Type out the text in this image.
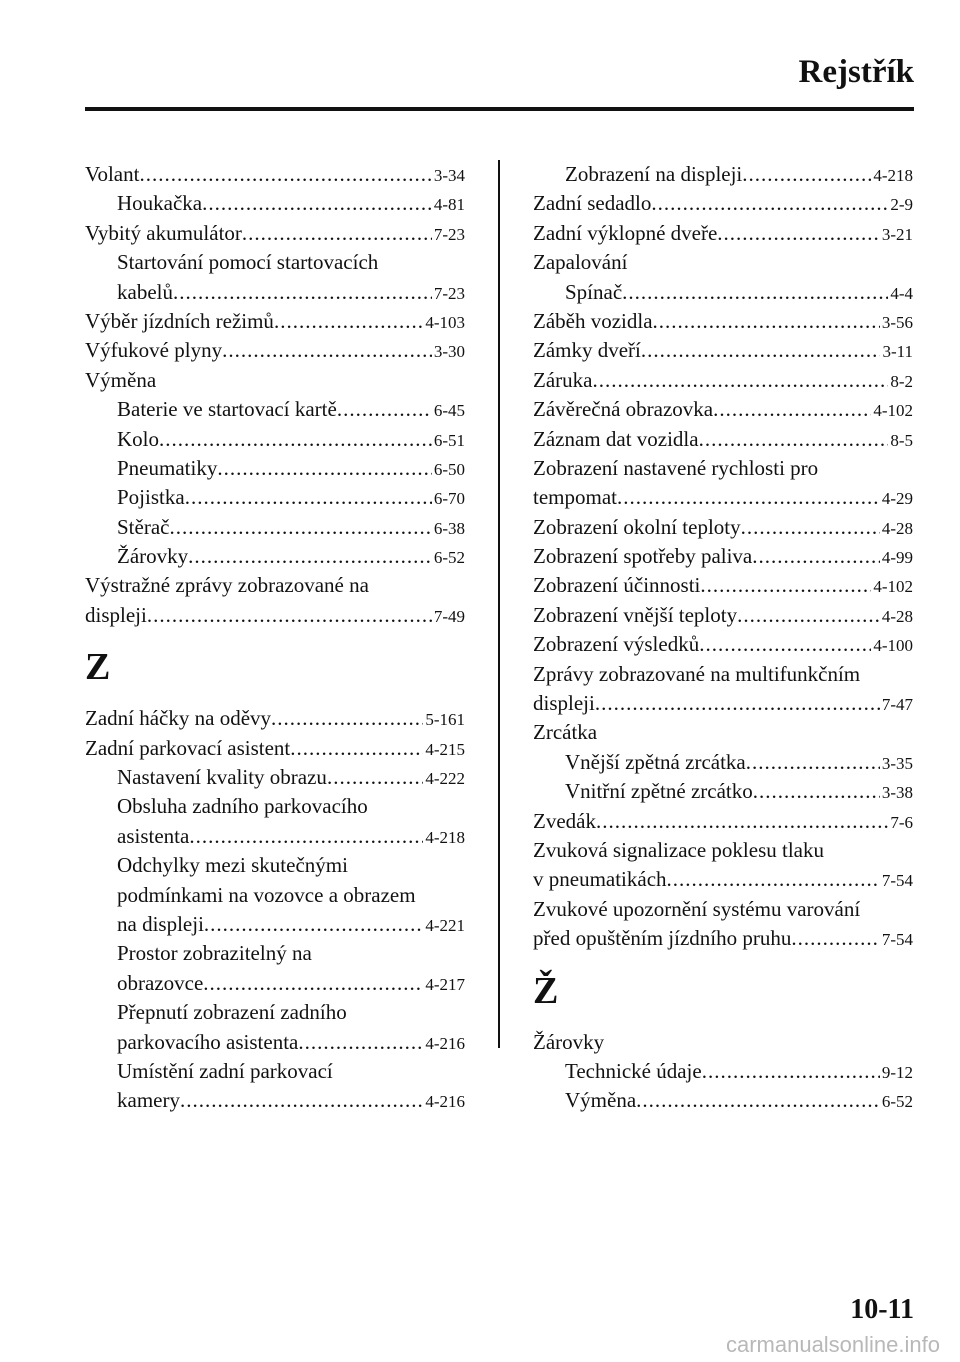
Rejstřík
Volant .....	3-34
Houkačka .....	4-81
Vybitý akumulátor .....	7-23
Startování pomocí startovacích
kabelů .....	7-23
Výběr jízdních režimů .....	4-103
Výfukové plyny .....	3-30
Výměna
Baterie ve startovací kartě .....	6-45
Kolo .....	6-51
Pneumatiky .....	6-50
Pojistka .....	6-70
Stěrač .....	6-38
Žárovky .....	6-52
Výstražné zprávy zobrazované na
displeji .....	7-49
Z
Zadní háčky na oděvy .....	5-161
Zadní parkovací asistent .....	4-215
Nastavení kvality obrazu .....	4-222
Obsluha zadního parkovacího
asistenta .....	4-218
Odchylky mezi skutečnými
podmínkami na vozovce a obrazem
na displeji .....	4-221
Prostor zobrazitelný na
obrazovce .....	4-217
Přepnutí zobrazení zadního
parkovacího asistenta .....	4-216
Umístění zadní parkovací
kamery .....	4-216
Zobrazení na displeji .....	4-218
Zadní sedadlo .....	2-9
Zadní výklopné dveře .....	3-21
Zapalování
Spínač .....	4-4
Záběh vozidla .....	3-56
Zámky dveří .....	3-11
Záruka .....	8-2
Závěrečná obrazovka .....	4-102
Záznam dat vozidla .....	8-5
Zobrazení nastavené rychlosti pro
tempomat .....	4-29
Zobrazení okolní teploty .....	4-28
Zobrazení spotřeby paliva .....	4-99
Zobrazení účinnosti .....	4-102
Zobrazení vnější teploty .....	4-28
Zobrazení výsledků .....	4-100
Zprávy zobrazované na multifunkčním
displeji .....	7-47
Zrcátka
Vnější zpětná zrcátka .....	3-35
Vnitřní zpětné zrcátko .....	3-38
Zvedák .....	7-6
Zvuková signalizace poklesu tlaku
v pneumatikách .....	7-54
Zvukové upozornění systému varování
před opuštěním jízdního pruhu .....	7-54
Ž
Žárovky
Technické údaje .....	9-12
Výměna .....	6-52
10-11
carmanualsonline.info
